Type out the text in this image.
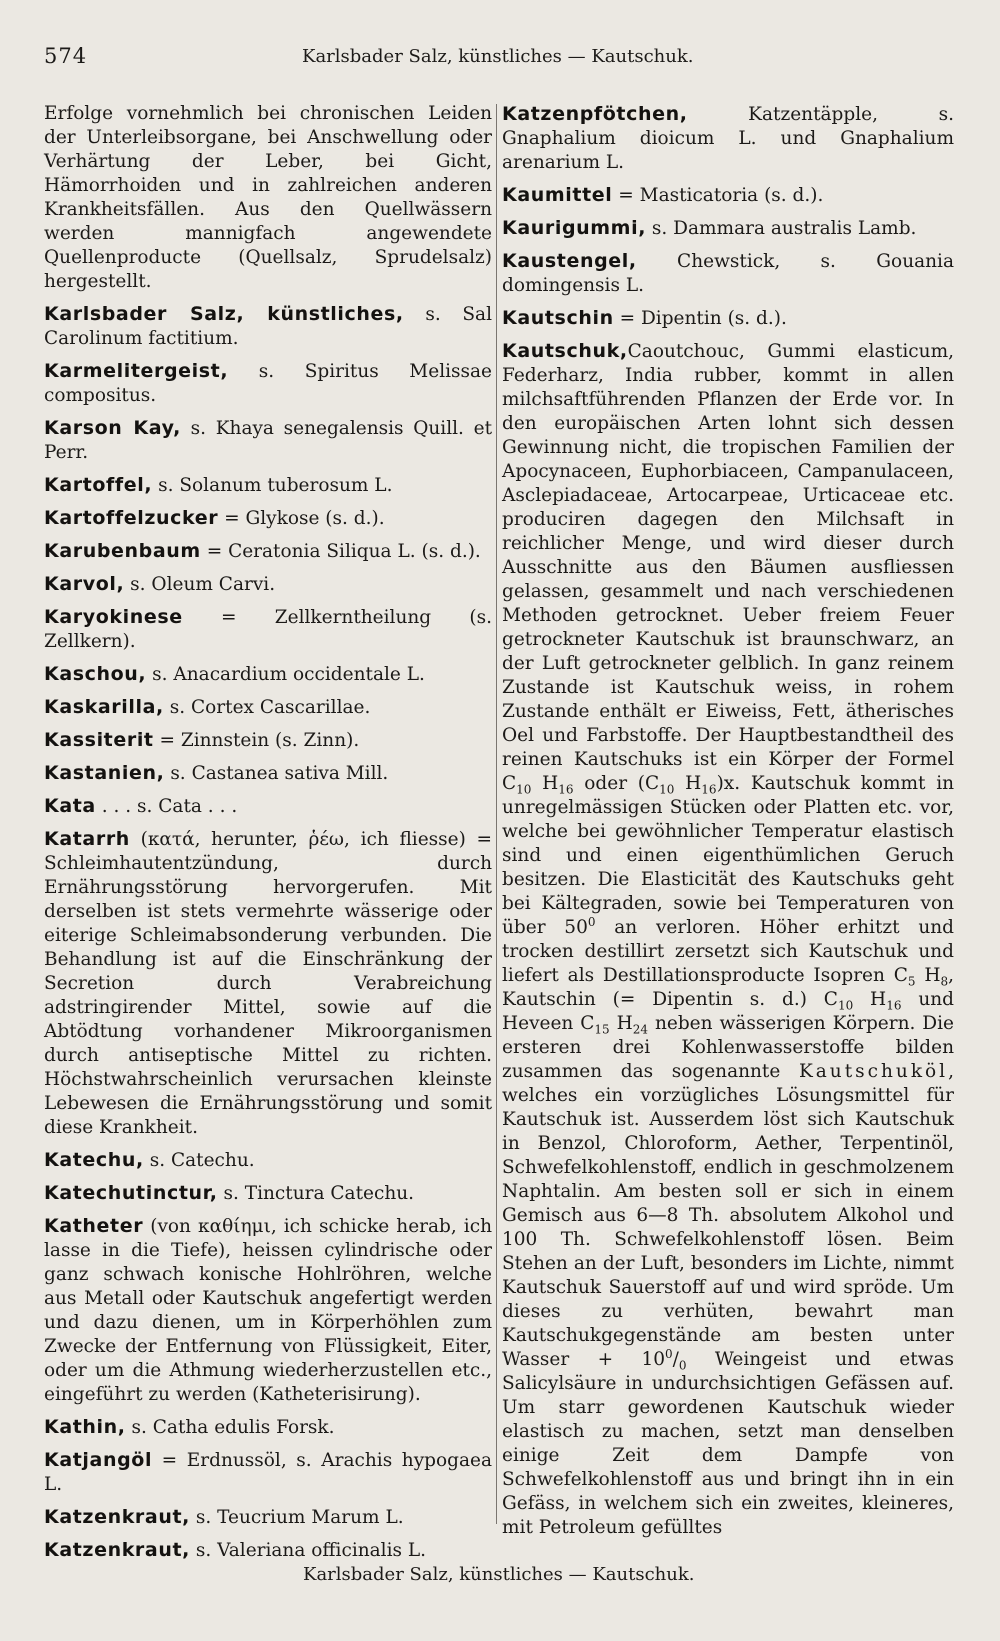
574	Karlsbader Salz, künstliches — Kautschuk.

Erfolge vornehmlich bei chronischen Leiden der Unterleibsorgane, bei Anschwellung oder Verhärtung der Leber, bei Gicht, Hämorrhoiden und in zahlreichen anderen Krankheitsfällen. Aus den Quellwässern werden mannigfach angewendete Quellenproducte (Quellsalz, Sprudelsalz) hergestellt.

Karlsbader Salz, künstliches, s. Sal Carolinum factitium.

Karmelitergeist, s. Spiritus Melissae compositus.

Karson Kay, s. Khaya senegalensis Quill. et Perr.

Kartoffel, s. Solanum tuberosum L.

Kartoffelzucker = Glykose (s. d.).

Karubenbaum = Ceratonia Siliqua L. (s. d.).

Karvol, s. Oleum Carvi.

Karyokinese = Zellkerntheilung (s. Zellkern).

Kaschou, s. Anacardium occidentale L.

Kaskarilla, s. Cortex Cascarillae.

Kassiterit = Zinnstein (s. Zinn).

Kastanien, s. Castanea sativa Mill.

Kata . . . s. Cata . . .

Katarrh (κατά, herunter, ῥέω, ich fliesse) = Schleimhautentzündung, durch Ernährungsstörung hervorgerufen. Mit derselben ist stets vermehrte wässerige oder eiterige Schleimabsonderung verbunden. Die Behandlung ist auf die Einschränkung der Secretion durch Verabreichung adstringirender Mittel, sowie auf die Abtödtung vorhandener Mikroorganismen durch antiseptische Mittel zu richten. Höchstwahrscheinlich verursachen kleinste Lebewesen die Ernährungsstörung und somit diese Krankheit.

Katechu, s. Catechu.

Katechutinctur, s. Tinctura Catechu.

Katheter (von καθίημι, ich schicke herab, ich lasse in die Tiefe), heissen cylindrische oder ganz schwach konische Hohlröhren, welche aus Metall oder Kautschuk angefertigt werden und dazu dienen, um in Körperhöhlen zum Zwecke der Entfernung von Flüssigkeit, Eiter, oder um die Athmung wiederherzustellen etc., eingeführt zu werden (Katheterisirung).

Kathin, s. Catha edulis Forsk.

Katjangöl = Erdnussöl, s. Arachis hypogaea L.

Katzenkraut, s. Teucrium Marum L.

Katzenkraut, s. Valeriana officinalis L.

Katzenpfötchen, Katzentäpple, s. Gnaphalium dioicum L. und Gnaphalium arenarium L.

Kaumittel = Masticatoria (s. d.).

Kaurigummi, s. Dammara australis Lamb.

Kaustengel, Chewstick, s. Gouania domingensis L.

Kautschin = Dipentin (s. d.).

Kautschuk,Caoutchouc, Gummi elasticum, Federharz, India rubber, kommt in allen milchsaftführenden Pflanzen der Erde vor. In den europäischen Arten lohnt sich dessen Gewinnung nicht, die tropischen Familien der Apocynaceen, Euphorbiaceen, Campanulaceen, Asclepiadaceae, Artocarpeae, Urticaceae etc. produciren dagegen den Milchsaft in reichlicher Menge, und wird dieser durch Ausschnitte aus den Bäumen ausfliessen gelassen, gesammelt und nach verschiedenen Methoden getrocknet. Ueber freiem Feuer getrockneter Kautschuk ist braunschwarz, an der Luft getrockneter gelblich. In ganz reinem Zustande ist Kautschuk weiss, in rohem Zustande enthält er Eiweiss, Fett, ätherisches Oel und Farbstoffe. Der Hauptbestandtheil des reinen Kautschuks ist ein Körper der Formel $C_{10}$ $H_{16}$ oder ($C_{10}$ $H_{16})x$. Kautschuk kommt in unregelmässigen Stücken oder Platten etc. vor, welche bei gewöhnlicher Temperatur elastisch sind und einen eigenthümlichen Geruch besitzen. Die Elasticität des Kautschuks geht bei Kältegraden, sowie bei Temperaturen von über $50^0$ an verloren. Höher erhitzt und trocken destillirt zersetzt sich Kautschuk und liefert als Destillationsproducte Isopren $C_5$ $H_8$, Kautschin (= Dipentin s. d.) $C_{10}$ $H_{16}$ und Heveen $C_{15}$ $H_{24}$ neben wässerigen Körpern. Die ersteren drei Kohlenwasserstoffe bilden zusammen das sogenannte Kautschuköl, welches ein vorzügliches Lösungsmittel für Kautschuk ist. Ausserdem löst sich Kautschuk in Benzol, Chloroform, Aether, Terpentinöl, Schwefelkohlenstoff, endlich in geschmolzenem Naphtalin. Am besten soll er sich in einem Gemisch aus 6—8 Th. absolutem Alkohol und 100 Th. Schwefelkohlenstoff lösen. Beim Stehen an der Luft, besonders im Lichte, nimmt Kautschuk Sauerstoff auf und wird spröde. Um dieses zu verhüten, bewahrt man Kautschukgegenstände am besten unter Wasser + $10^0/_0$ Weingeist und etwas Salicylsäure in undurchsichtigen Gefässen auf. Um starr gewordenen Kautschuk wieder elastisch zu machen, setzt man denselben einige Zeit dem Dampfe von Schwefelkohlenstoff aus und bringt ihn in ein Gefäss, in welchem sich ein zweites, kleineres, mit Petroleum gefülltes

Karlsbader Salz, künstliches — Kautschuk.
